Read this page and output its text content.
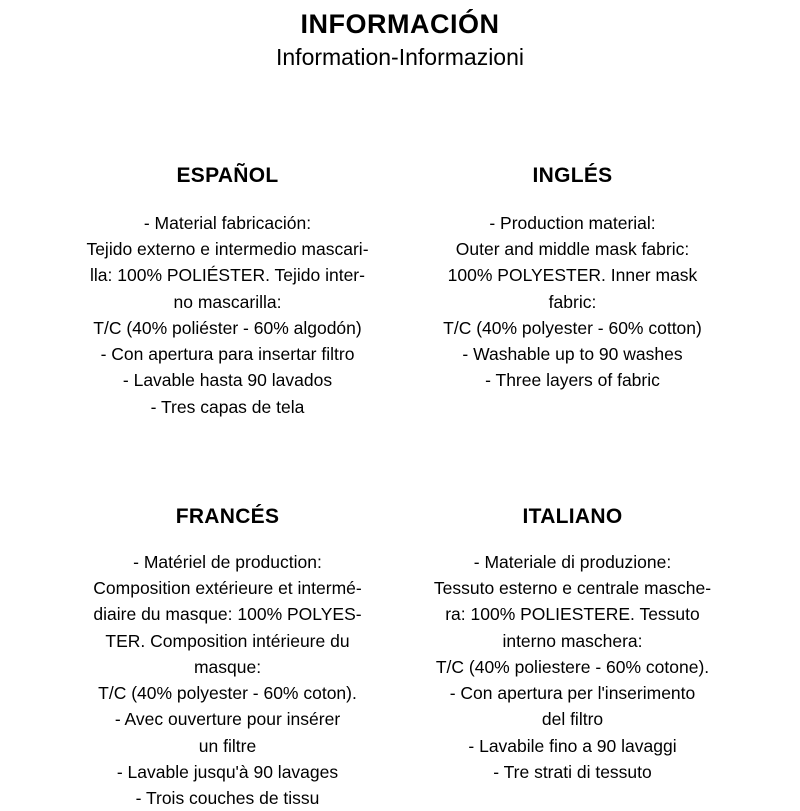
INFORMACIÓN
Information-Informazioni
ESPAÑOL
- Material fabricación:
Tejido externo e intermedio mascari-
lla: 100% POLIÉSTER. Tejido inter-
no mascarilla:
T/C (40% poliéster - 60% algodón)
- Con apertura para insertar filtro
- Lavable hasta 90 lavados
- Tres capas de tela
INGLÉS
- Production material:
Outer and middle mask fabric:
100% POLYESTER. Inner mask
fabric:
T/C (40% polyester - 60% cotton)
- Washable up to 90 washes
- Three layers of fabric
FRANCÉS
- Matériel de production:
Composition extérieure et intermé-
diaire du masque: 100% POLYES-
TER. Composition intérieure du
masque:
T/C (40% polyester - 60% coton).
- Avec ouverture pour insérer
un filtre
- Lavable jusqu'à 90 lavages
- Trois couches de tissu
ITALIANO
- Materiale di produzione:
Tessuto esterno e centrale masche-
ra: 100% POLIESTERE. Tessuto
interno maschera:
T/C (40% poliestere - 60% cotone).
- Con apertura per l'inserimento
del filtro
- Lavabile fino a 90 lavaggi
- Tre strati di tessuto
